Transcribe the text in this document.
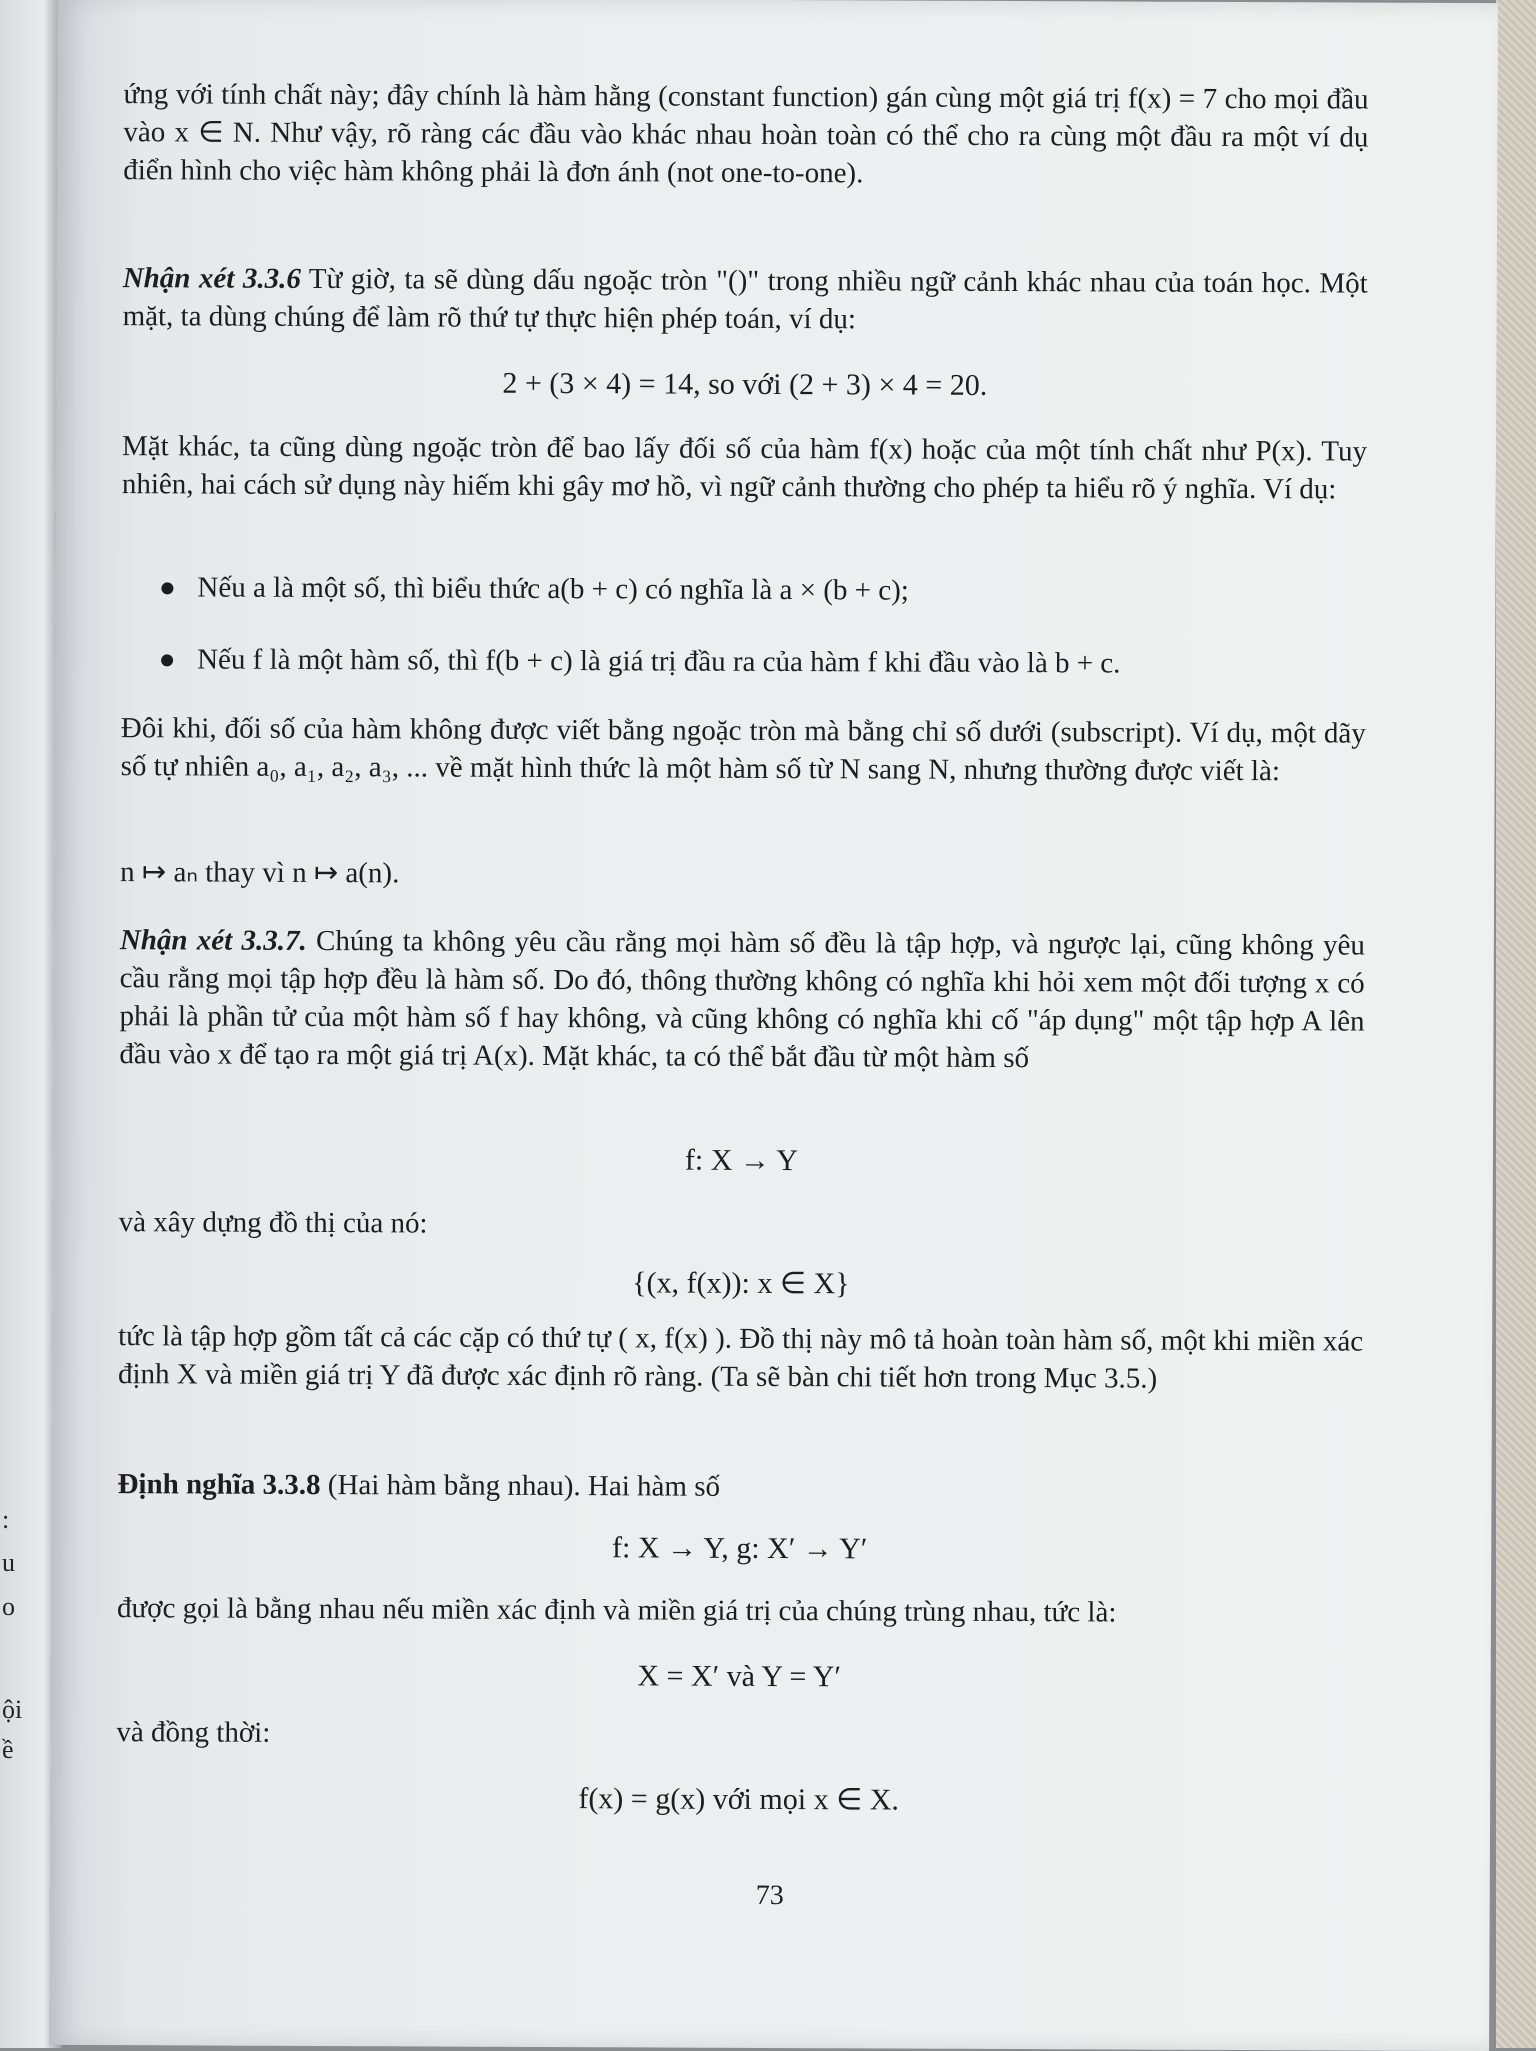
:
u
o
ội
ề
ứng với tính chất này; đây chính là hàm hằng (constant function) gán cùng một giá trị f(x) = 7 cho mọi đầu vào x ∈ N. Như vậy, rõ ràng các đầu vào khác nhau hoàn toàn có thể cho ra cùng một đầu ra một ví dụ điển hình cho việc hàm không phải là đơn ánh (not one-to-one).
Nhận xét 3.3.6 Từ giờ, ta sẽ dùng dấu ngoặc tròn "()" trong nhiều ngữ cảnh khác nhau của toán học. Một mặt, ta dùng chúng để làm rõ thứ tự thực hiện phép toán, ví dụ:
2 + (3 × 4) = 14, so với (2 + 3) × 4 = 20.
Mặt khác, ta cũng dùng ngoặc tròn để bao lấy đối số của hàm f(x) hoặc của một tính chất như P(x). Tuy nhiên, hai cách sử dụng này hiếm khi gây mơ hồ, vì ngữ cảnh thường cho phép ta hiểu rõ ý nghĩa. Ví dụ:
Nếu a là một số, thì biểu thức a(b + c) có nghĩa là a × (b + c);
Nếu f là một hàm số, thì f(b + c) là giá trị đầu ra của hàm f khi đầu vào là b + c.
Đôi khi, đối số của hàm không được viết bằng ngoặc tròn mà bằng chỉ số dưới (subscript). Ví dụ, một dãy số tự nhiên a₀, a₁, a₂, a₃, ... về mặt hình thức là một hàm số từ N sang N, nhưng thường được viết là:
n ↦ aₙ thay vì n ↦ a(n).
Nhận xét 3.3.7. Chúng ta không yêu cầu rằng mọi hàm số đều là tập hợp, và ngược lại, cũng không yêu cầu rằng mọi tập hợp đều là hàm số. Do đó, thông thường không có nghĩa khi hỏi xem một đối tượng x có phải là phần tử của một hàm số f hay không, và cũng không có nghĩa khi cố "áp dụng" một tập hợp A lên đầu vào x để tạo ra một giá trị A(x). Mặt khác, ta có thể bắt đầu từ một hàm số
f: X → Y
và xây dựng đồ thị của nó:
{(x, f(x)): x ∈ X}
tức là tập hợp gồm tất cả các cặp có thứ tự ( x, f(x) ). Đồ thị này mô tả hoàn toàn hàm số, một khi miền xác định X và miền giá trị Y đã được xác định rõ ràng. (Ta sẽ bàn chi tiết hơn trong Mục 3.5.)
Định nghĩa 3.3.8 (Hai hàm bằng nhau). Hai hàm số
f: X → Y, g: X′ → Y′
được gọi là bằng nhau nếu miền xác định và miền giá trị của chúng trùng nhau, tức là:
X = X′ và Y = Y′
và đồng thời:
f(x) = g(x) với mọi x ∈ X.
73
